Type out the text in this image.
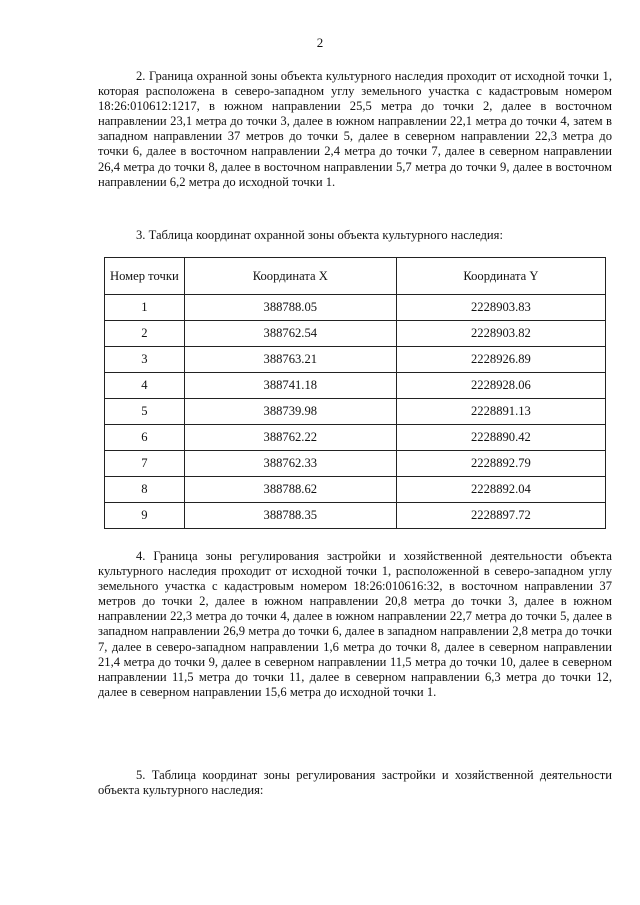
2

2. Граница охранной зоны объекта культурного наследия проходит от исходной точки 1, которая расположена в северо-западном углу земельного участка с кадастровым номером 18:26:010612:1217, в южном направлении 25,5 метра до точки 2, далее в восточном направлении 23,1 метра до точки 3, далее в южном направлении 22,1 метра до точки 4, затем в западном направлении 37 метров до точки 5, далее в северном направлении 22,3 метра до точки 6, далее в восточном направлении 2,4 метра до точки 7, далее в северном направлении 26,4 метра до точки 8, далее в восточном направлении 5,7 метра до точки 9, далее в восточном направлении 6,2 метра до исходной точки 1.

3. Таблица координат охранной зоны объекта культурного наследия:

Номер точки	Координата X	Координата Y
1	388788.05	2228903.83
2	388762.54	2228903.82
3	388763.21	2228926.89
4	388741.18	2228928.06
5	388739.98	2228891.13
6	388762.22	2228890.42
7	388762.33	2228892.79
8	388788.62	2228892.04
9	388788.35	2228897.72

4. Граница зоны регулирования застройки и хозяйственной деятельности объекта культурного наследия проходит от исходной точки 1, расположенной в северо-западном углу земельного участка с кадастровым номером 18:26:010616:32, в восточном направлении 37 метров до точки 2, далее в южном направлении 20,8 метра до точки 3, далее в южном направлении 22,3 метра до точки 4, далее в южном направлении 22,7 метра до точки 5, далее в западном направлении 26,9 метра до точки 6, далее в западном направлении 2,8 метра до точки 7, далее в северо-западном направлении 1,6 метра до точки 8, далее в северном направлении 21,4 метра до точки 9, далее в северном направлении 11,5 метра до точки 10, далее в северном направлении 11,5 метра до точки 11, далее в северном направлении 6,3 метра до точки 12, далее в северном направлении 15,6 метра до исходной точки 1.

5. Таблица координат зоны регулирования застройки и хозяйственной деятельности объекта культурного наследия:
